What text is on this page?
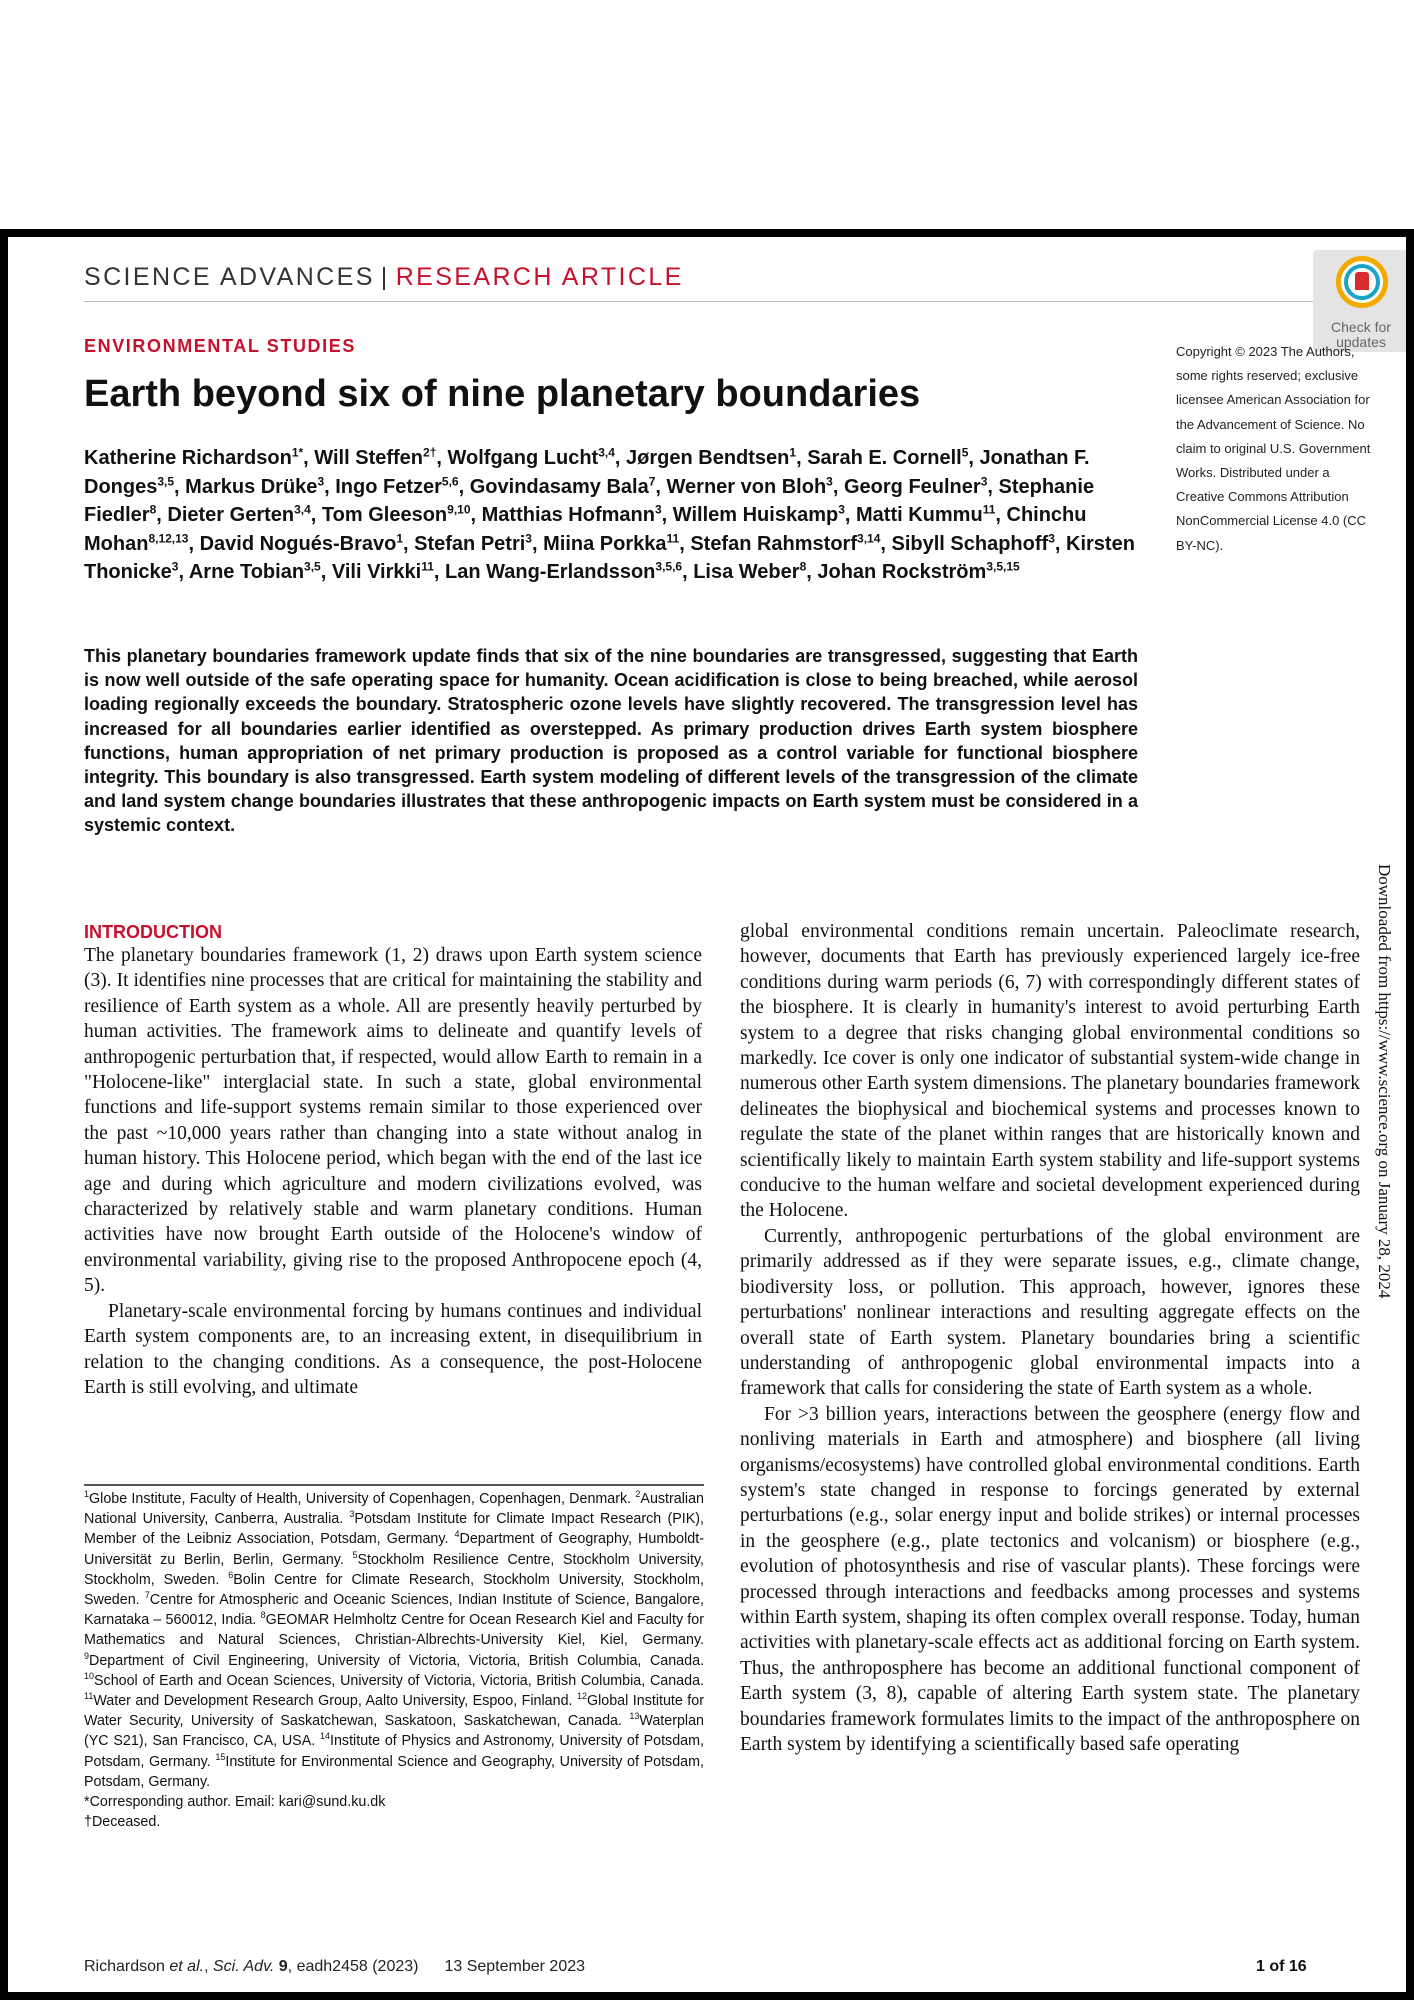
SCIENCE ADVANCES | RESEARCH ARTICLE
Check for
updates
ENVIRONMENTAL STUDIES
Earth beyond six of nine planetary boundaries
Katherine Richardson$^{1*}$, Will Steffen$^{2\dagger}$, Wolfgang Lucht$^{3,4}$, Jørgen Bendtsen$^1$, Sarah E. Cornell$^5$, Jonathan F. Donges$^{3,5}$, Markus Drüke$^3$, Ingo Fetzer$^{5,6}$, Govindasamy Bala$^7$, Werner von Bloh$^3$, Georg Feulner$^3$, Stephanie Fiedler$^8$, Dieter Gerten$^{3,4}$, Tom Gleeson$^{9,10}$, Matthias Hofmann$^3$, Willem Huiskamp$^3$, Matti Kummu$^{11}$, Chinchu Mohan$^{8,12,13}$, David Nogués-Bravo$^1$, Stefan Petri$^3$, Miina Porkka$^{11}$, Stefan Rahmstorf$^{3,14}$, Sibyll Schaphoff$^3$, Kirsten Thonicke$^3$, Arne Tobian$^{3,5}$, Vili Virkki$^{11}$, Lan Wang-Erlandsson$^{3,5,6}$, Lisa Weber$^8$, Johan Rockström$^{3,5,15}$
Copyright © 2023 The Authors, some rights reserved; exclusive licensee American Association for the Advancement of Science. No claim to original U.S. Government Works. Distributed under a Creative Commons Attribution NonCommercial License 4.0 (CC BY-NC).

This planetary boundaries framework update finds that six of the nine boundaries are transgressed, suggesting that Earth is now well outside of the safe operating space for humanity. Ocean acidification is close to being breached, while aerosol loading regionally exceeds the boundary. Stratospheric ozone levels have slightly recovered. The transgression level has increased for all boundaries earlier identified as overstepped. As primary production drives Earth system biosphere functions, human appropriation of net primary production is proposed as a control variable for functional biosphere integrity. This boundary is also transgressed. Earth system modeling of different levels of the transgression of the climate and land system change boundaries illustrates that these anthropogenic impacts on Earth system must be considered in a systemic context.

Downloaded from https://www.science.org on January 28, 2024
INTRODUCTION

The planetary boundaries framework (1, 2) draws upon Earth system science (3). It identifies nine processes that are critical for maintaining the stability and resilience of Earth system as a whole. All are presently heavily perturbed by human activities. The framework aims to delineate and quantify levels of anthropogenic perturbation that, if respected, would allow Earth to remain in a "Holocene-like" interglacial state. In such a state, global environmental functions and life-support systems remain similar to those experienced over the past ~10,000 years rather than changing into a state without analog in human history. This Holocene period, which began with the end of the last ice age and during which agriculture and modern civilizations evolved, was characterized by relatively stable and warm planetary conditions. Human activities have now brought Earth outside of the Holocene's window of environmental variability, giving rise to the proposed Anthropocene epoch (4, 5).

Planetary-scale environmental forcing by humans continues and individual Earth system components are, to an increasing extent, in disequilibrium in relation to the changing conditions. As a consequence, the post-Holocene Earth is still evolving, and ultimate

global environmental conditions remain uncertain. Paleoclimate research, however, documents that Earth has previously experienced largely ice-free conditions during warm periods (6, 7) with correspondingly different states of the biosphere. It is clearly in humanity's interest to avoid perturbing Earth system to a degree that risks changing global environmental conditions so markedly. Ice cover is only one indicator of substantial system-wide change in numerous other Earth system dimensions. The planetary boundaries framework delineates the biophysical and biochemical systems and processes known to regulate the state of the planet within ranges that are historically known and scientifically likely to maintain Earth system stability and life-support systems conducive to the human welfare and societal development experienced during the Holocene.

Currently, anthropogenic perturbations of the global environment are primarily addressed as if they were separate issues, e.g., climate change, biodiversity loss, or pollution. This approach, however, ignores these perturbations' nonlinear interactions and resulting aggregate effects on the overall state of Earth system. Planetary boundaries bring a scientific understanding of anthropogenic global environmental impacts into a framework that calls for considering the state of Earth system as a whole.

For >3 billion years, interactions between the geosphere (energy flow and nonliving materials in Earth and atmosphere) and biosphere (all living organisms/ecosystems) have controlled global environmental conditions. Earth system's state changed in response to forcings generated by external perturbations (e.g., solar energy input and bolide strikes) or internal processes in the geosphere (e.g., plate tectonics and volcanism) or biosphere (e.g., evolution of photosynthesis and rise of vascular plants). These forcings were processed through interactions and feedbacks among processes and systems within Earth system, shaping its often complex overall response. Today, human activities with planetary-scale effects act as additional forcing on Earth system. Thus, the anthroposphere has become an additional functional component of Earth system (3, 8), capable of altering Earth system state. The planetary boundaries framework formulates limits to the impact of the anthroposphere on Earth system by identifying a scientifically based safe operating

$^1$Globe Institute, Faculty of Health, University of Copenhagen, Copenhagen, Denmark. $^2$Australian National University, Canberra, Australia. $^3$Potsdam Institute for Climate Impact Research (PIK), Member of the Leibniz Association, Potsdam, Germany. $^4$Department of Geography, Humboldt-Universität zu Berlin, Berlin, Germany. $^5$Stockholm Resilience Centre, Stockholm University, Stockholm, Sweden. $^6$Bolin Centre for Climate Research, Stockholm University, Stockholm, Sweden. $^7$Centre for Atmospheric and Oceanic Sciences, Indian Institute of Science, Bangalore, Karnataka – 560012, India. $^8$GEOMAR Helmholtz Centre for Ocean Research Kiel and Faculty for Mathematics and Natural Sciences, Christian-Albrechts-University Kiel, Kiel, Germany. $^9$Department of Civil Engineering, University of Victoria, Victoria, British Columbia, Canada. $^{10}$School of Earth and Ocean Sciences, University of Victoria, Victoria, British Columbia, Canada. $^{11}$Water and Development Research Group, Aalto University, Espoo, Finland. $^{12}$Global Institute for Water Security, University of Saskatchewan, Saskatoon, Saskatchewan, Canada. $^{13}$Waterplan (YC S21), San Francisco, CA, USA. $^{14}$Institute of Physics and Astronomy, University of Potsdam, Potsdam, Germany. $^{15}$Institute for Environmental Science and Geography, University of Potsdam, Potsdam, Germany.

*Corresponding author. Email: kari@sund.ku.dk

†Deceased.

Richardson et al., Sci. Adv. 9, eadh2458 (2023) 13 September 2023	1 of 16
